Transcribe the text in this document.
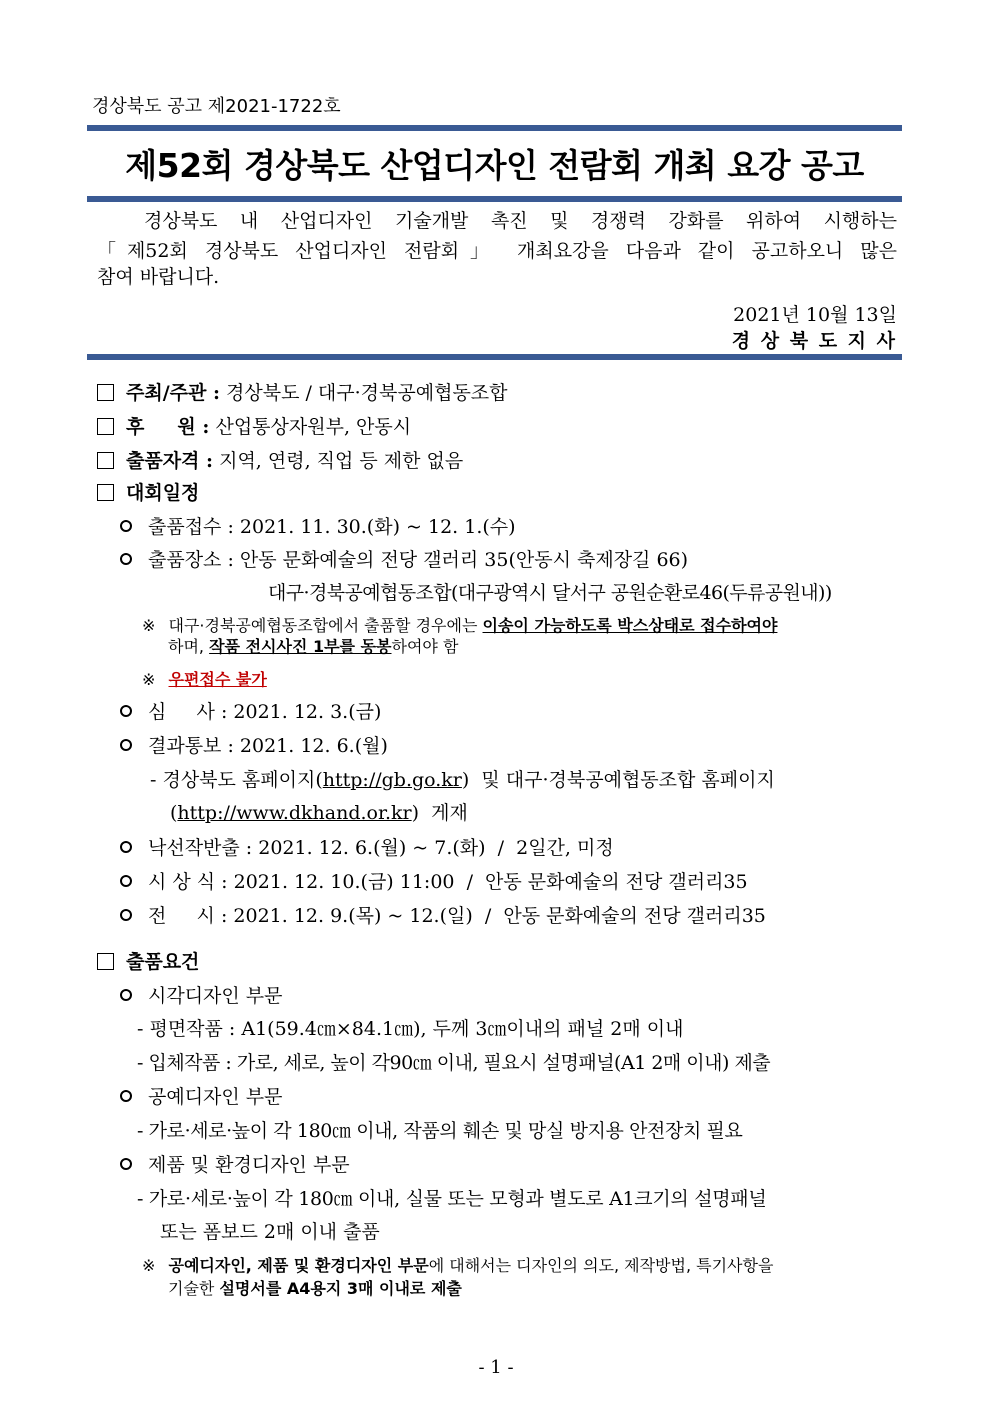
경상북도 공고 제2021-1722호
제52회 경상북도 산업디자인 전람회 개최 요강 공고
경상북도 내 산업디자인 기술개발 촉진 및 경쟁력 강화를 위하여 시행하는
「제52회 경상북도 산업디자인 전람회」 개최요강을 다음과 같이 공고하오니 많은
참여 바랍니다.
2021년 10월 13일
경 상 북 도 지 사
주최/주관 : 경상북도 / 대구·경북공예협동조합
후     원 : 산업통상자원부, 안동시
출품자격 : 지역, 연령, 직업 등 제한 없음
대회일정
출품접수 : 2021. 11. 30.(화) ~ 12. 1.(수)
출품장소 : 안동 문화예술의 전당 갤러리 35(안동시 축제장길 66)
대구·경북공예협동조합(대구광역시 달서구 공원순환로46(두류공원내))
※ 대구·경북공예협동조합에서 출품할 경우에는 이송이 가능하도록 박스상태로 접수하여야
하며, 작품 전시사진 1부를 동봉하여야 함
※ 우편접수 불가
심     사 : 2021. 12. 3.(금)
결과통보 : 2021. 12. 6.(월)
- 경상북도 홈페이지(http://gb.go.kr)  및 대구·경북공예협동조합 홈페이지
(http://www.dkhand.or.kr)  게재
낙선작반출 : 2021. 12. 6.(월) ~ 7.(화)  /  2일간, 미정
시 상 식 : 2021. 12. 10.(금) 11:00  /  안동 문화예술의 전당 갤러리35
전     시 : 2021. 12. 9.(목) ~ 12.(일)  /  안동 문화예술의 전당 갤러리35
출품요건
시각디자인 부문
- 평면작품 : A1(59.4㎝×84.1㎝), 두께 3㎝이내의 패널 2매 이내
- 입체작품 : 가로, 세로, 높이 각90㎝ 이내, 필요시 설명패널(A1 2매 이내) 제출
공예디자인 부문
- 가로·세로·높이 각 180㎝ 이내, 작품의 훼손 및 망실 방지용 안전장치 필요
제품 및 환경디자인 부문
- 가로·세로·높이 각 180㎝ 이내, 실물 또는 모형과 별도로 A1크기의 설명패널
또는 폼보드 2매 이내 출품
※ 공예디자인, 제품 및 환경디자인 부문에 대해서는 디자인의 의도, 제작방법, 특기사항을
기술한 설명서를 A4용지 3매 이내로 제출
- 1 -
